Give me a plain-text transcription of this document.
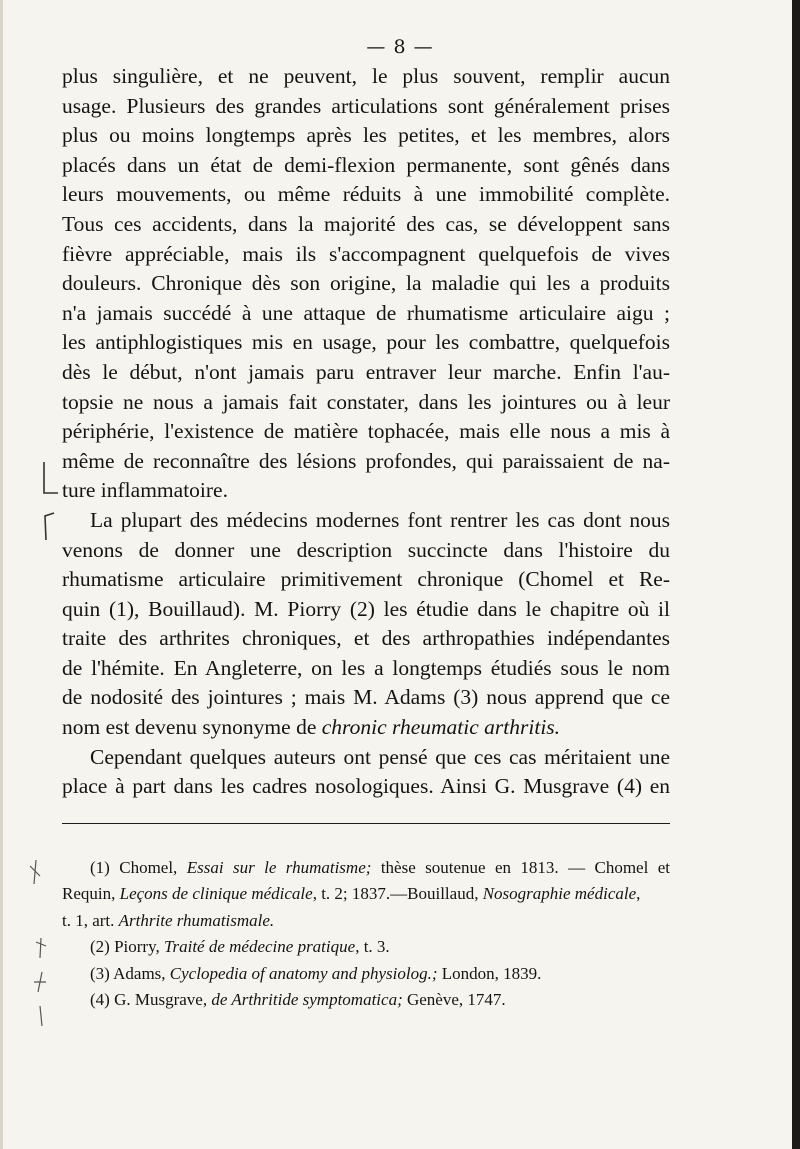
— 8 —
plus singulière, et ne peuvent, le plus souvent, remplir aucun
usage. Plusieurs des grandes articulations sont généralement prises
plus ou moins longtemps après les petites, et les membres, alors
placés dans un état de demi-flexion permanente, sont gênés dans
leurs mouvements, ou même réduits à une immobilité complète.
Tous ces accidents, dans la majorité des cas, se développent sans
fièvre appréciable, mais ils s'accompagnent quelquefois de vives
douleurs. Chronique dès son origine, la maladie qui les a produits
n'a jamais succédé à une attaque de rhumatisme articulaire aigu ;
les antiphlogistiques mis en usage, pour les combattre, quelquefois
dès le début, n'ont jamais paru entraver leur marche. Enfin l'au-
topsie ne nous a jamais fait constater, dans les jointures ou à leur
périphérie, l'existence de matière tophacée, mais elle nous a mis à
même de reconnaître des lésions profondes, qui paraissaient de na-
ture inflammatoire.
La plupart des médecins modernes font rentrer les cas dont nous
venons de donner une description succincte dans l'histoire du
rhumatisme articulaire primitivement chronique (Chomel et Re-
quin (1), Bouillaud). M. Piorry (2) les étudie dans le chapitre où il
traite des arthrites chroniques, et des arthropathies indépendantes
de l'hémite. En Angleterre, on les a longtemps étudiés sous le nom
de nodosité des jointures ; mais M. Adams (3) nous apprend que ce
nom est devenu synonyme de chronic rheumatic arthritis.
Cependant quelques auteurs ont pensé que ces cas méritaient une
place à part dans les cadres nosologiques. Ainsi G. Musgrave (4) en
(1) Chomel, Essai sur le rhumatisme; thèse soutenue en 1813. — Chomel et
Requin, Leçons de clinique médicale, t. 2; 1837.—Bouillaud, Nosographie médicale,
t. 1, art. Arthrite rhumatismale.
(2) Piorry, Traité de médecine pratique, t. 3.
(3) Adams, Cyclopedia of anatomy and physiolog.; London, 1839.
(4) G. Musgrave, de Arthritide symptomatica; Genève, 1747.
